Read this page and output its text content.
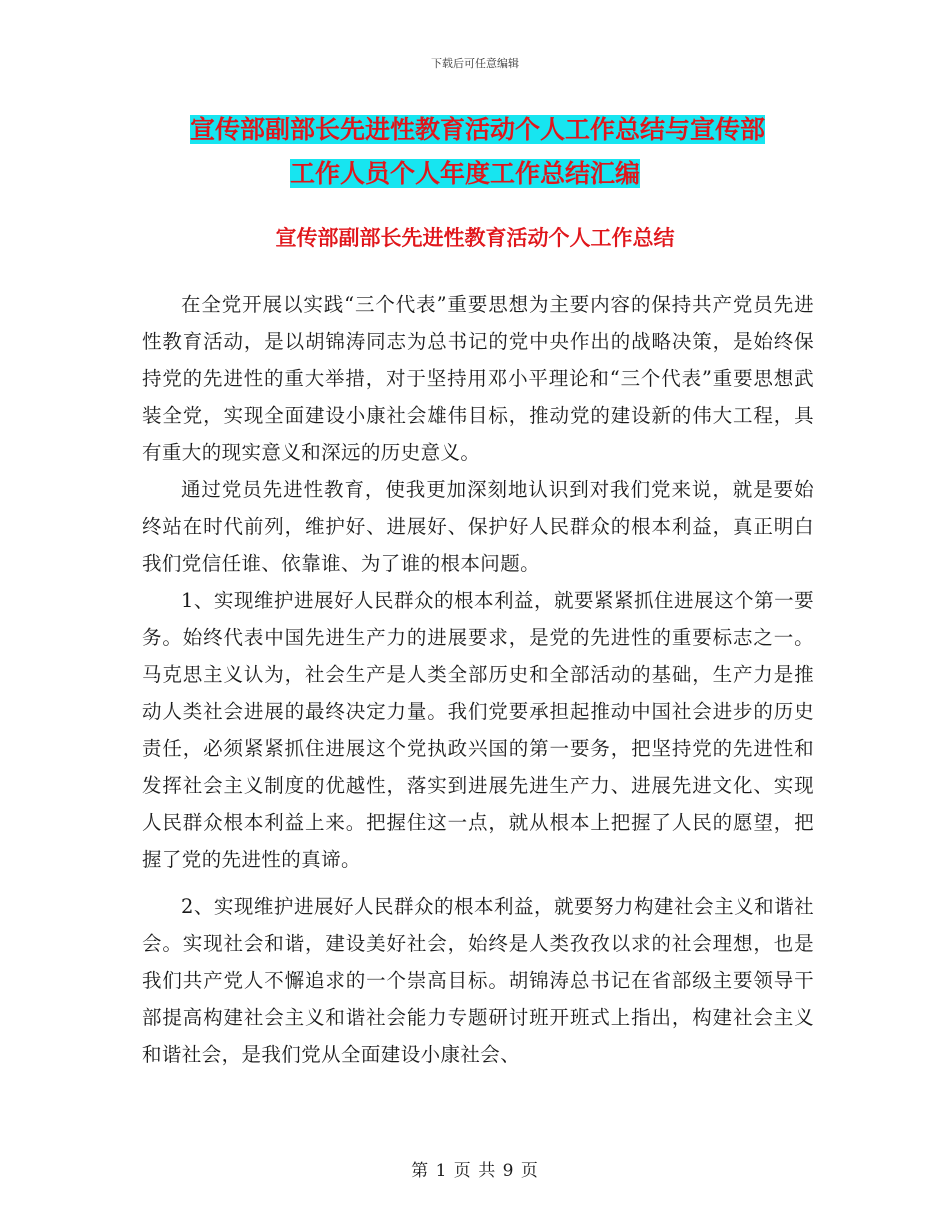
下载后可任意编辑
宣传部副部长先进性教育活动个人工作总结与宣传部
工作人员个人年度工作总结汇编
宣传部副部长先进性教育活动个人工作总结

在全党开展以实践“三个代表”重要思想为主要内容的保持共产党员先进性教育活动，是以胡锦涛同志为总书记的党中央作出的战略决策，是始终保持党的先进性的重大举措，对于坚持用邓小平理论和“三个代表”重要思想武装全党，实现全面建设小康社会雄伟目标，推动党的建设新的伟大工程，具有重大的现实意义和深远的历史意义。

通过党员先进性教育，使我更加深刻地认识到对我们党来说，就是要始终站在时代前列，维护好、进展好、保护好人民群众的根本利益，真正明白我们党信任谁、依靠谁、为了谁的根本问题。

1、实现维护进展好人民群众的根本利益，就要紧紧抓住进展这个第一要务。始终代表中国先进生产力的进展要求，是党的先进性的重要标志之一。马克思主义认为，社会生产是人类全部历史和全部活动的基础，生产力是推动人类社会进展的最终决定力量。我们党要承担起推动中国社会进步的历史责任，必须紧紧抓住进展这个党执政兴国的第一要务，把坚持党的先进性和发挥社会主义制度的优越性，落实到进展先进生产力、进展先进文化、实现人民群众根本利益上来。把握住这一点，就从根本上把握了人民的愿望，把握了党的先进性的真谛。

2、实现维护进展好人民群众的根本利益，就要努力构建社会主义和谐社会。实现社会和谐，建设美好社会，始终是人类孜孜以求的社会理想，也是我们共产党人不懈追求的一个崇高目标。胡锦涛总书记在省部级主要领导干部提高构建社会主义和谐社会能力专题研讨班开班式上指出，构建社会主义和谐社会，是我们党从全面建设小康社会、

第 1 页 共 9 页
